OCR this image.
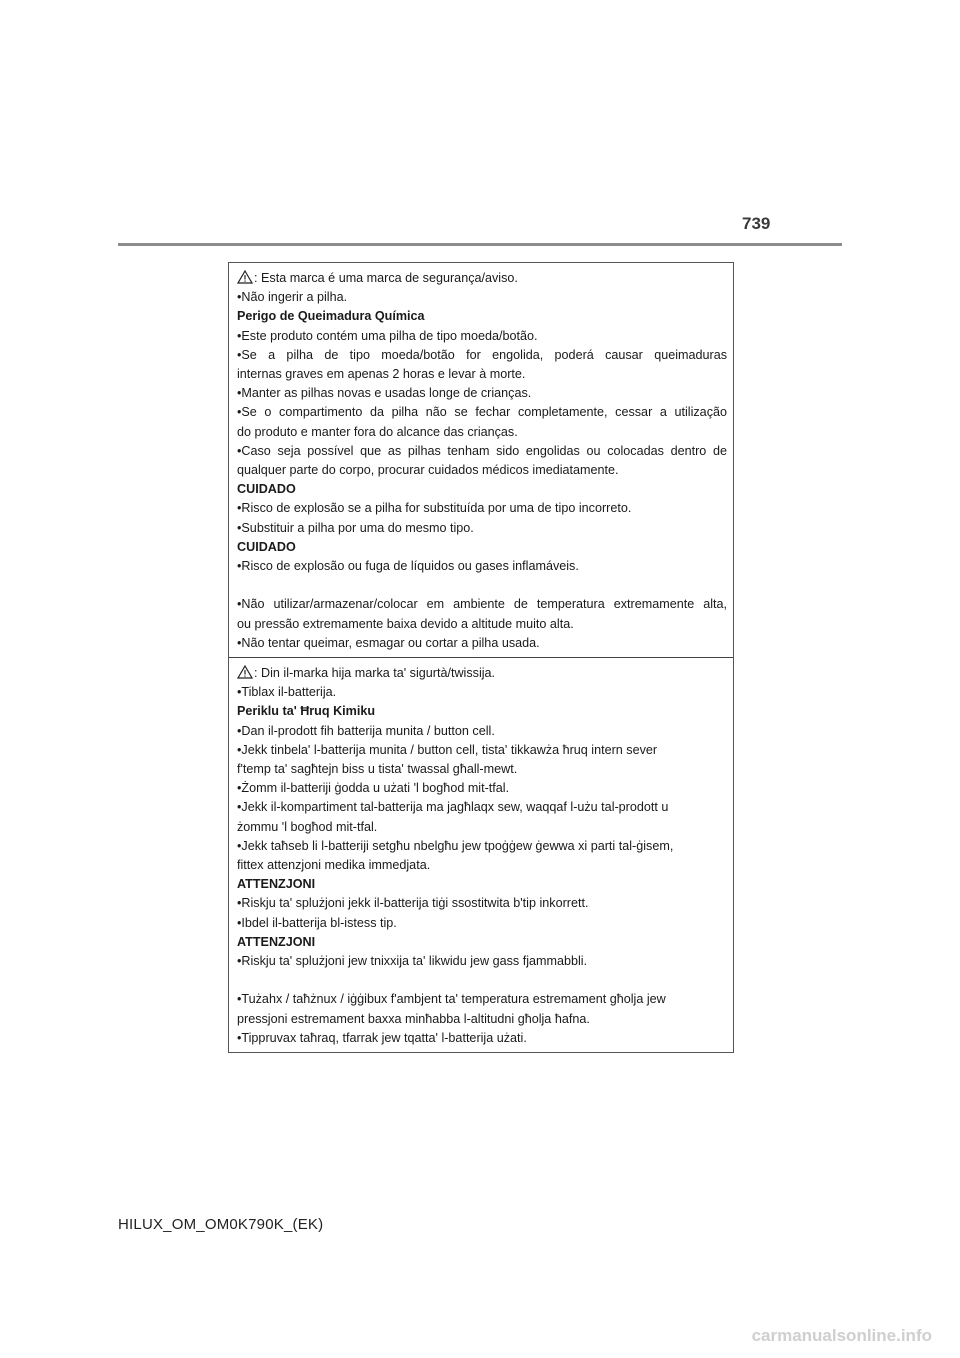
739
: Esta marca é uma marca de segurança/aviso.
•Não ingerir a pilha.
Perigo de Queimadura Química
•Este produto contém uma pilha de tipo moeda/botão.
•Se a pilha de tipo moeda/botão for engolida, poderá causar queimaduras
internas graves em apenas 2 horas e levar à morte.
•Manter as pilhas novas e usadas longe de crianças.
•Se o compartimento da pilha não se fechar completamente, cessar a utilização
do produto e manter fora do alcance das crianças.
•Caso seja possível que as pilhas tenham sido engolidas ou colocadas dentro de
qualquer parte do corpo, procurar cuidados médicos imediatamente.
CUIDADO
•Risco de explosão se a pilha for substituída por uma de tipo incorreto.
•Substituir a pilha por uma do mesmo tipo.
CUIDADO
•Risco de explosão ou fuga de líquidos ou gases inflamáveis.
•Não utilizar/armazenar/colocar em ambiente de temperatura extremamente alta,
ou pressão extremamente baixa devido a altitude muito alta.
•Não tentar queimar, esmagar ou cortar a pilha usada.
: Din il-marka hija marka ta' sigurtà/twissija.
•Tiblax il-batterija.
Periklu ta' Ħruq Kimiku
•Dan il-prodott fih batterija munita / button cell.
•Jekk tinbela' l-batterija munita / button cell, tista' tikkawża ħruq intern sever
f'temp ta' sagħtejn biss u tista' twassal għall-mewt.
•Żomm il-batteriji ġodda u użati 'l bogħod mit-tfal.
•Jekk il-kompartiment tal-batterija ma jagħlaqx sew, waqqaf l-użu tal-prodott u
żommu 'l bogħod mit-tfal.
•Jekk taħseb li l-batteriji setgħu nbelgħu jew tpoġġew ġewwa xi parti tal-ġisem,
fittex attenzjoni medika immedjata.
ATTENZJONI
•Riskju ta' splużjoni jekk il-batterija tiġi ssostitwita b'tip inkorrett.
•Ibdel il-batterija bl-istess tip.
ATTENZJONI
•Riskju ta' splużjoni jew tnixxija ta' likwidu jew gass fjammabbli.
•Tużahx / taħżnux / iġġibux f'ambjent ta' temperatura estremament għolja jew
pressjoni estremament baxxa minħabba l-altitudni għolja ħafna.
•Tippruvax taħraq, tfarrak jew tqatta' l-batterija użati.
HILUX_OM_OM0K790K_(EK)
carmanualsonline.info
